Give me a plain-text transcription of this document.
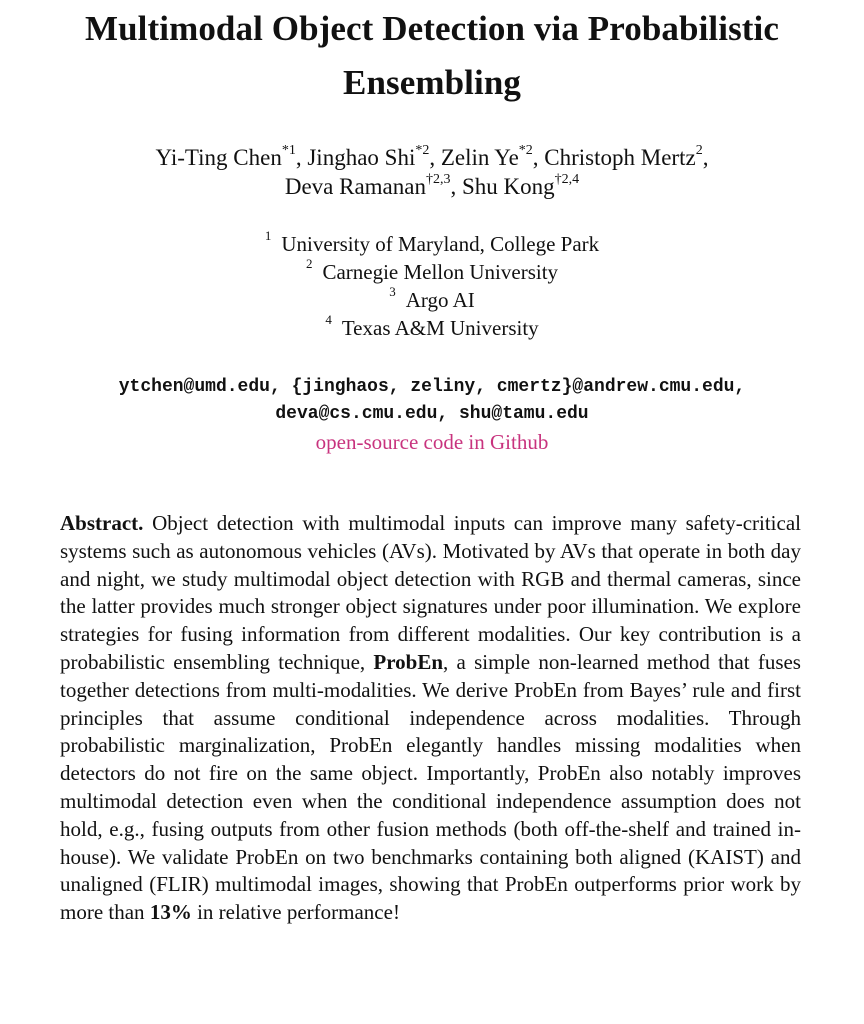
Multimodal Object Detection via Probabilistic
Ensembling
Yi-Ting Chen$^{*1}$, Jinghao Shi$^{*2}$, Zelin Ye$^{*2}$, Christoph Mertz$^2$,
Deva Ramanan$^{\dagger 2,3}$, Shu Kong$^{\dagger 2,4}$
$^1$ University of Maryland, College Park
$^2$ Carnegie Mellon University
$^3$ Argo AI
$^4$ Texas A&M University
ytchen@umd.edu, {jinghaos, zeliny, cmertz}@andrew.cmu.edu,
deva@cs.cmu.edu, shu@tamu.edu
open-source code in Github
Abstract. Object detection with multimodal inputs can improve many safety-critical systems such as autonomous vehicles (AVs). Motivated by AVs that operate in both day and night, we study multimodal object detection with RGB and thermal cameras, since the latter provides much stronger object signatures under poor illumination. We explore strategies for fusing information from different modalities. Our key contribution is a probabilistic ensembling technique, ProbEn, a simple non-learned method that fuses together detections from multi-modalities. We derive ProbEn from Bayes’ rule and first principles that assume conditional independence across modalities. Through probabilistic marginalization, ProbEn elegantly handles missing modalities when detectors do not fire on the same object. Importantly, ProbEn also notably improves multimodal detection even when the conditional independence assumption does not hold, e.g., fusing outputs from other fusion methods (both off-the-shelf and trained in-house). We validate ProbEn on two benchmarks containing both aligned (KAIST) and unaligned (FLIR) multimodal images, showing that ProbEn outperforms prior work by more than 13% in relative performance!
